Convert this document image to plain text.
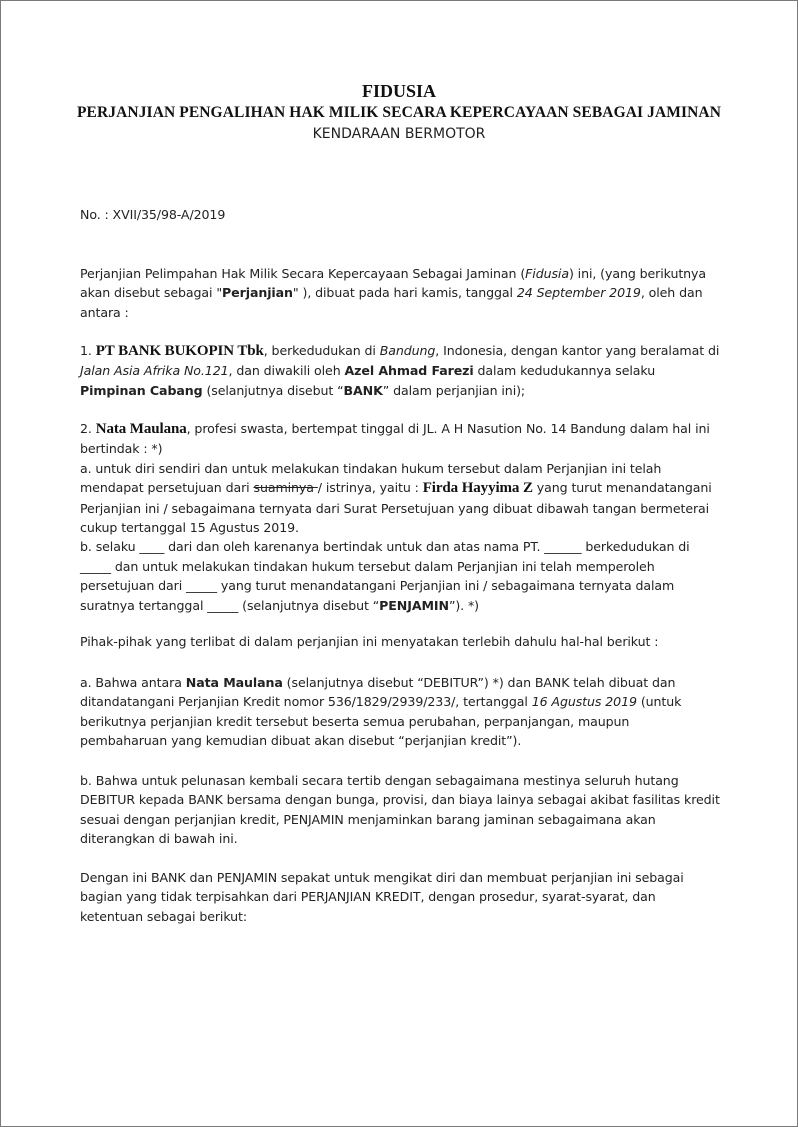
FIDUSIA
PERJANJIAN PENGALIHAN HAK MILIK SECARA KEPERCAYAAN SEBAGAI JAMINAN
KENDARAAN BERMOTOR

No. : XVII/35/98-A/2019

Perjanjian Pelimpahan Hak Milik Secara Kepercayaan Sebagai Jaminan (Fidusia) ini, (yang berikutnya akan disebut sebagai "Perjanjian" ), dibuat pada hari kamis, tanggal 24 September 2019, oleh dan antara :

1. PT BANK BUKOPIN Tbk, berkedudukan di Bandung, Indonesia, dengan kantor yang beralamat di Jalan Asia Afrika No.121, dan diwakili oleh Azel Ahmad Farezi dalam kedudukannya selaku Pimpinan Cabang (selanjutnya disebut “BANK” dalam perjanjian ini);

2. Nata Maulana, profesi swasta, bertempat tinggal di JL. A H Nasution No. 14 Bandung dalam hal ini bertindak : *)

a. untuk diri sendiri dan untuk melakukan tindakan hukum tersebut dalam Perjanjian ini telah mendapat persetujuan dari suaminya / istrinya, yaitu : Firda Hayyima Z yang turut menandatangani Perjanjian ini / sebagaimana ternyata dari Surat Persetujuan yang dibuat dibawah tangan bermeterai cukup tertanggal 15 Agustus 2019.

b. selaku ____ dari dan oleh karenanya bertindak untuk dan atas nama PT. ______ berkedudukan di _____ dan untuk melakukan tindakan hukum tersebut dalam Perjanjian ini telah memperoleh persetujuan dari _____ yang turut menandatangani Perjanjian ini / sebagaimana ternyata dalam suratnya tertanggal _____ (selanjutnya disebut “PENJAMIN”). *)

Pihak-pihak yang terlibat di dalam perjanjian ini menyatakan terlebih dahulu hal-hal berikut :

a. Bahwa antara Nata Maulana (selanjutnya disebut “DEBITUR”) *) dan BANK telah dibuat dan ditandatangani Perjanjian Kredit nomor 536/1829/2939/233/, tertanggal 16 Agustus 2019 (untuk berikutnya perjanjian kredit tersebut beserta semua perubahan, perpanjangan, maupun pembaharuan yang kemudian dibuat akan disebut “perjanjian kredit”).

b. Bahwa untuk pelunasan kembali secara tertib dengan sebagaimana mestinya seluruh hutang DEBITUR kepada BANK bersama dengan bunga, provisi, dan biaya lainya sebagai akibat fasilitas kredit sesuai dengan perjanjian kredit, PENJAMIN menjaminkan barang jaminan sebagaimana akan diterangkan di bawah ini.

Dengan ini BANK dan PENJAMIN sepakat untuk mengikat diri dan membuat perjanjian ini sebagai bagian yang tidak terpisahkan dari PERJANJIAN KREDIT, dengan prosedur, syarat-syarat, dan ketentuan sebagai berikut:
